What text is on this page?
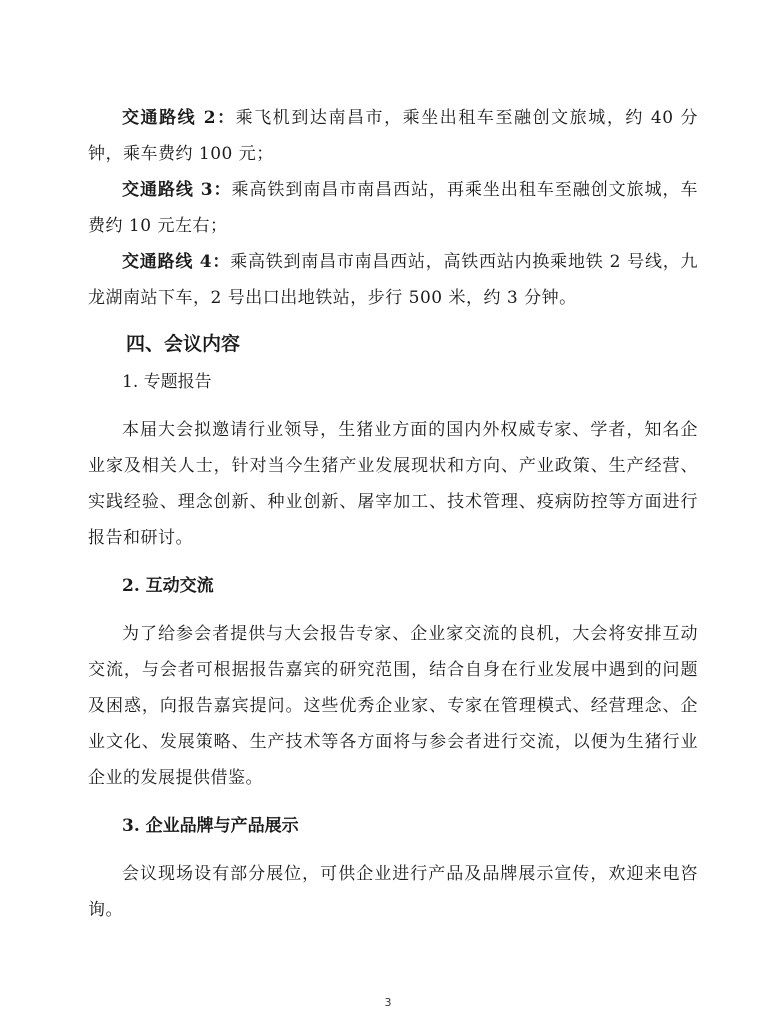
交通路线 2：乘飞机到达南昌市，乘坐出租车至融创文旅城，约 40 分钟，乘车费约 100 元；

交通路线 3：乘高铁到南昌市南昌西站，再乘坐出租车至融创文旅城，车费约 10 元左右；

交通路线 4：乘高铁到南昌市南昌西站，高铁西站内换乘地铁 2 号线，九龙湖南站下车，2 号出口出地铁站，步行 500 米，约 3 分钟。

四、会议内容
1. 专题报告

本届大会拟邀请行业领导，生猪业方面的国内外权威专家、学者，知名企业家及相关人士，针对当今生猪产业发展现状和方向、产业政策、生产经营、实践经验、理念创新、种业创新、屠宰加工、技术管理、疫病防控等方面进行报告和研讨。

2. 互动交流

为了给参会者提供与大会报告专家、企业家交流的良机，大会将安排互动交流，与会者可根据报告嘉宾的研究范围，结合自身在行业发展中遇到的问题及困惑，向报告嘉宾提问。这些优秀企业家、专家在管理模式、经营理念、企业文化、发展策略、生产技术等各方面将与参会者进行交流，以便为生猪行业企业的发展提供借鉴。

3. 企业品牌与产品展示

会议现场设有部分展位，可供企业进行产品及品牌展示宣传，欢迎来电咨询。

3
